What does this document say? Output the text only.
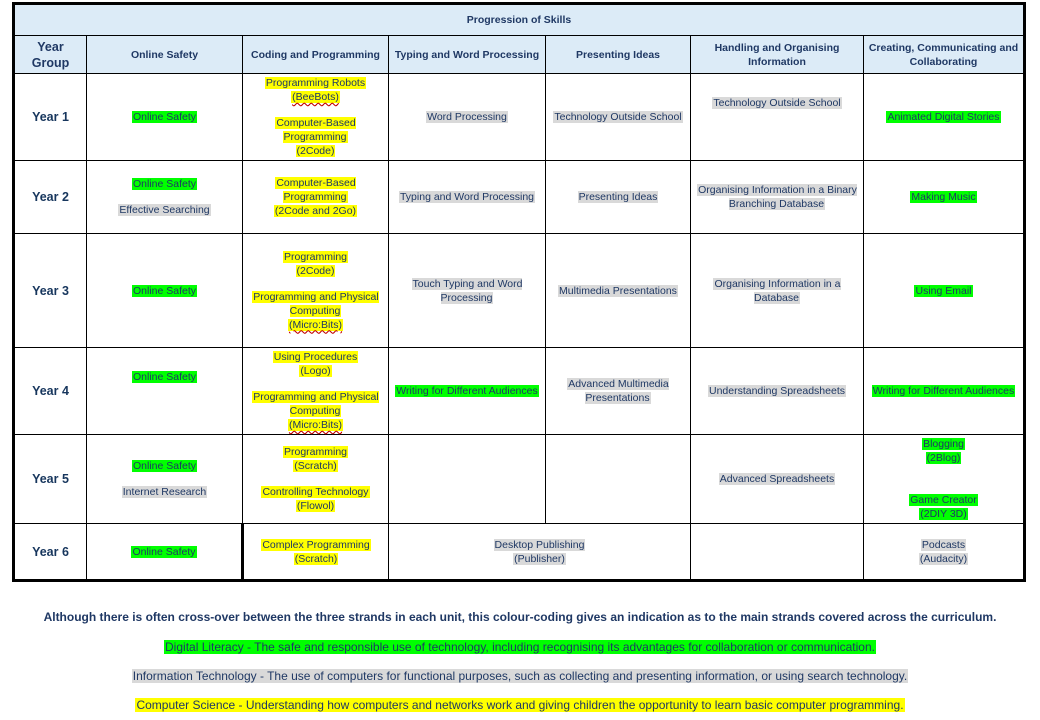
Progression of Skills						
Year Group	Online Safety	Coding and Programming	Typing and Word Processing	Presenting Ideas	Handling and Organising Information	Creating, Communicating and Collaborating
Year 1	Online Safety	Programming Robots
(BeeBots)
Computer-Based Programming
(2Code)	Word Processing	Technology Outside School	Technology Outside School	Animated Digital Stories
Year 2	Online Safety
Effective Searching	Computer-Based Programming
(2Code and 2Go)	Typing and Word Processing	Presenting Ideas	Organising Information in a Binary Branching Database	Making Music
Year 3	Online Safety	Programming
(2Code)
Programming and Physical Computing
(Micro:Bits)	Touch Typing and Word Processing	Multimedia Presentations	Organising Information in a Database	Using Email
Year 4	Online Safety	Using Procedures
(Logo)
Programming and Physical Computing
(Micro:Bits)	Writing for Different Audiences	Advanced Multimedia Presentations	Understanding Spreadsheets	Writing for Different Audiences
Year 5	Online Safety
Internet Research	Programming
(Scratch)
Controlling Technology
(Flowol)			Advanced Spreadsheets	Blogging
(2Blog)
Game Creator
(2DIY 3D)
Year 6	Online Safety	Complex Programming
(Scratch)	Desktop Publishing
(Publisher)			Podcasts
(Audacity)
Although there is often cross-over between the three strands in each unit, this colour-coding gives an indication as to the main strands covered across the curriculum.
Digital Literacy - The safe and responsible use of technology, including recognising its advantages for collaboration or communication.
Information Technology - The use of computers for functional purposes, such as collecting and presenting information, or using search technology.
Computer Science - Understanding how computers and networks work and giving children the opportunity to learn basic computer programming.
